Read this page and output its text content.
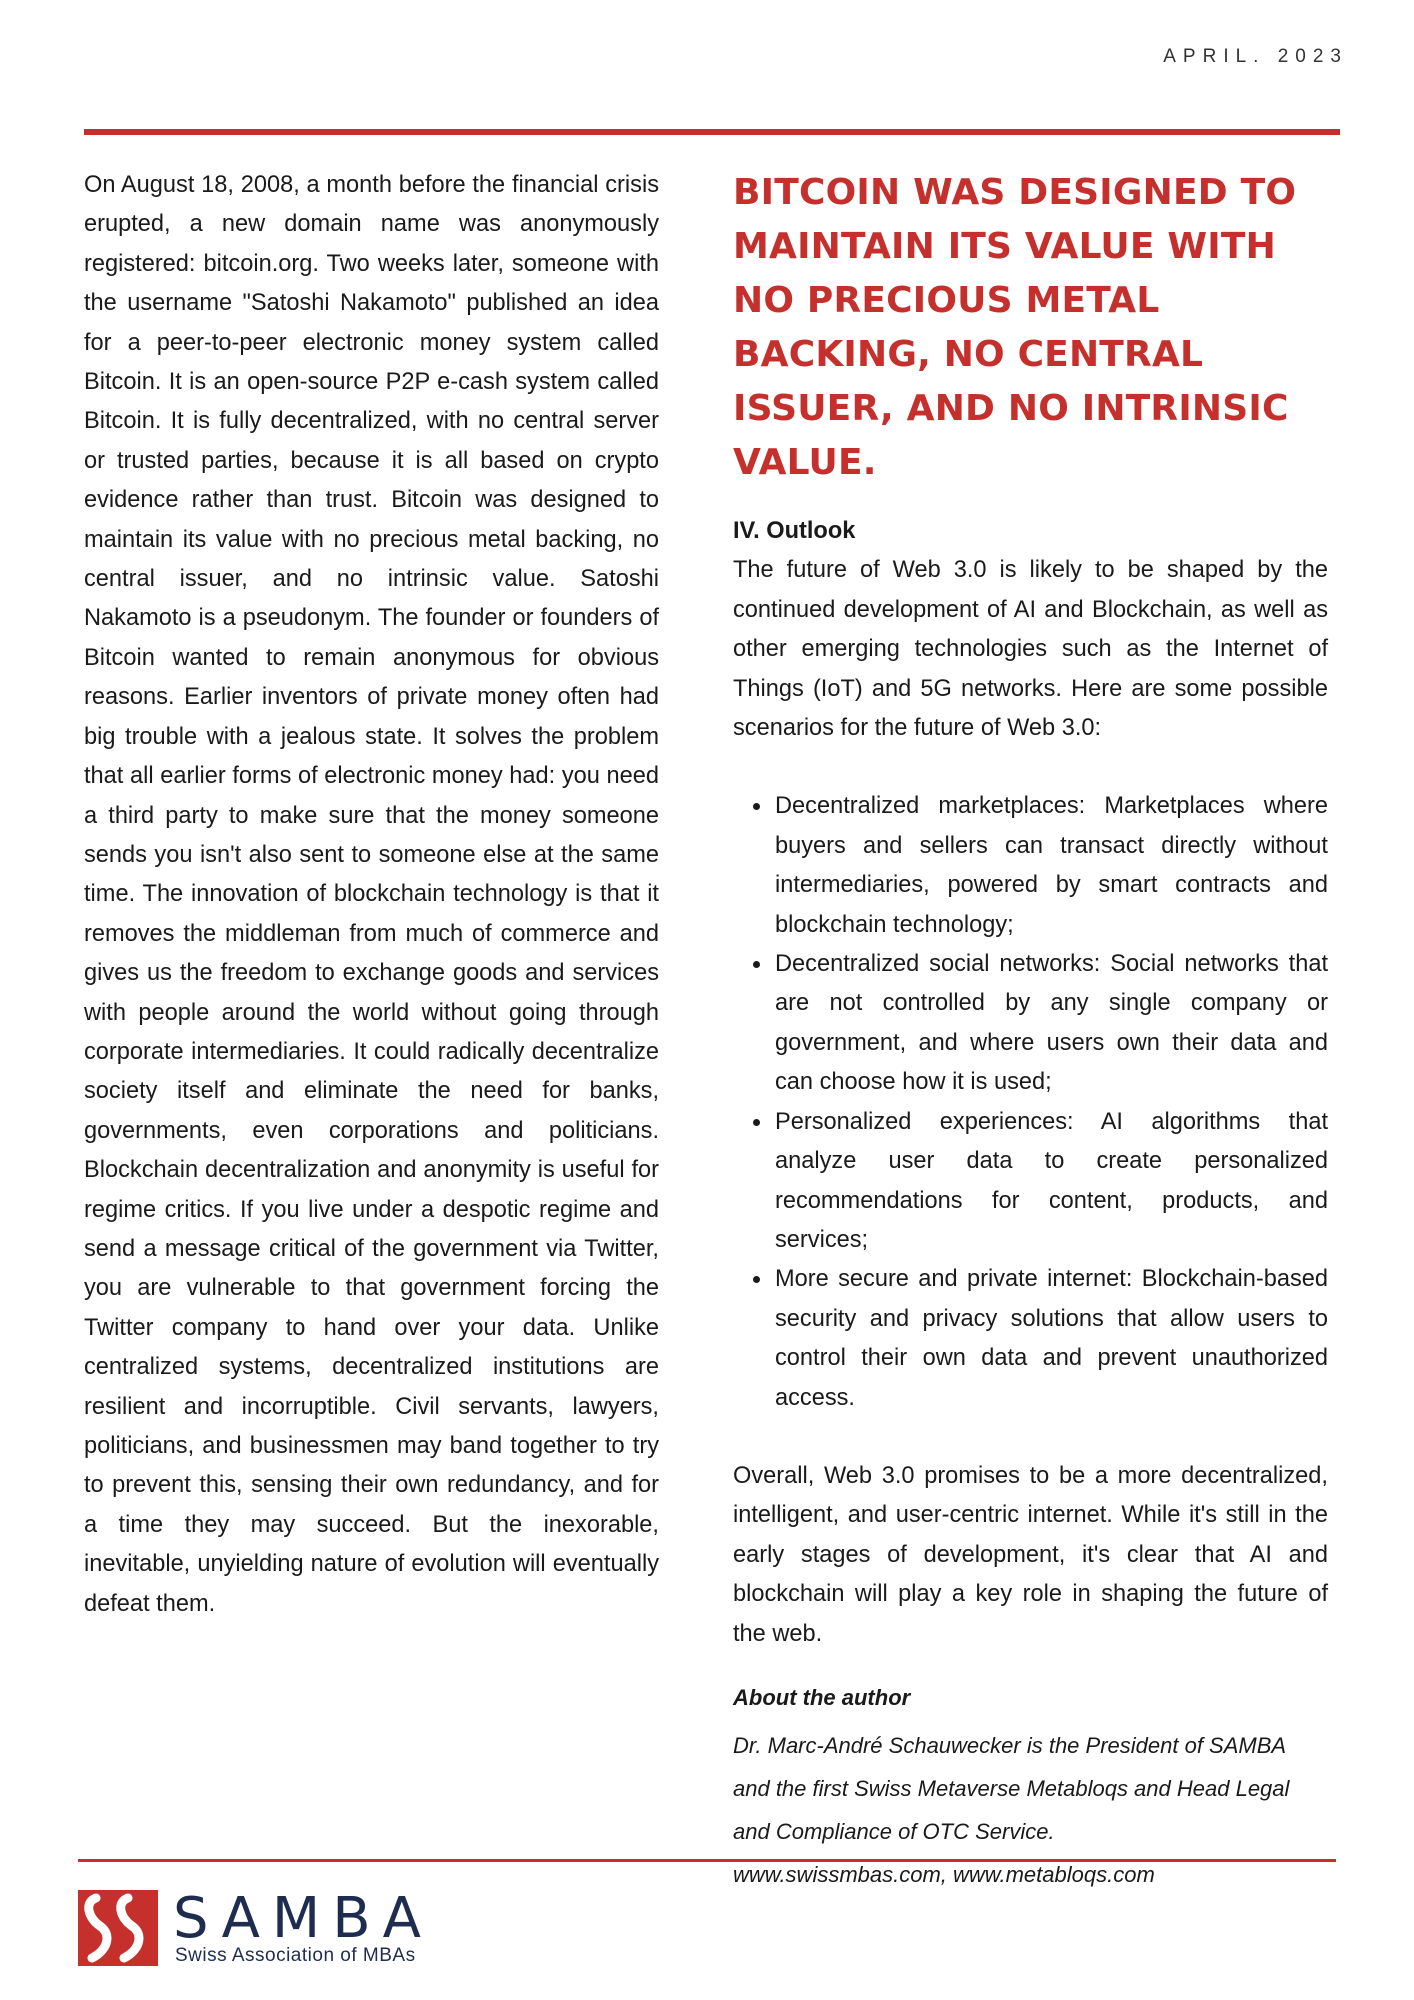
APRIL. 2023

On August 18, 2008, a month before the financial crisis erupted, a new domain name was anonymously registered: bitcoin.org. Two weeks later, someone with the username "Satoshi Nakamoto" published an idea for a peer-to-peer electronic money system called Bitcoin. It is an open-source P2P e-cash system called Bitcoin. It is fully decentralized, with no central server or trusted parties, because it is all based on crypto evidence rather than trust. Bitcoin was designed to maintain its value with no precious metal backing, no central issuer, and no intrinsic value. Satoshi Nakamoto is a pseudonym. The founder or founders of Bitcoin wanted to remain anonymous for obvious reasons. Earlier inventors of private money often had big trouble with a jealous state. It solves the problem that all earlier forms of electronic money had: you need a third party to make sure that the money someone sends you isn't also sent to someone else at the same time. The innovation of blockchain technology is that it removes the middleman from much of commerce and gives us the freedom to exchange goods and services with people around the world without going through corporate intermediaries. It could radically decentralize society itself and eliminate the need for banks, governments, even corporations and politicians. Blockchain decentralization and anonymity is useful for regime critics. If you live under a despotic regime and send a message critical of the government via Twitter, you are vulnerable to that government forcing the Twitter company to hand over your data. Unlike centralized systems, decentralized institutions are resilient and incorruptible. Civil servants, lawyers, politicians, and businessmen may band together to try to prevent this, sensing their own redundancy, and for a time they may succeed. But the inexorable, inevitable, unyielding nature of evolution will eventually defeat them.

BITCOIN WAS DESIGNED TO MAINTAIN ITS VALUE WITH NO PRECIOUS METAL BACKING, NO CENTRAL ISSUER, AND NO INTRINSIC VALUE.

IV. Outlook

The future of Web 3.0 is likely to be shaped by the continued development of AI and Blockchain, as well as other emerging technologies such as the Internet of Things (IoT) and 5G networks. Here are some possible scenarios for the future of Web 3.0:

• Decentralized marketplaces: Marketplaces where buyers and sellers can transact directly without intermediaries, powered by smart contracts and blockchain technology;
• Decentralized social networks: Social networks that are not controlled by any single company or government, and where users own their data and can choose how it is used;
• Personalized experiences: AI algorithms that analyze user data to create personalized recommendations for content, products, and services;
• More secure and private internet: Blockchain-based security and privacy solutions that allow users to control their own data and prevent unauthorized access.

Overall, Web 3.0 promises to be a more decentralized, intelligent, and user-centric internet. While it's still in the early stages of development, it's clear that AI and blockchain will play a key role in shaping the future of the web.

About the author

Dr. Marc-André Schauwecker is the President of SAMBA and the first Swiss Metaverse Metabloqs and Head Legal and Compliance of OTC Service.

www.swissmbas.com, www.metabloqs.com

SAMBA
Swiss Association of MBAs
